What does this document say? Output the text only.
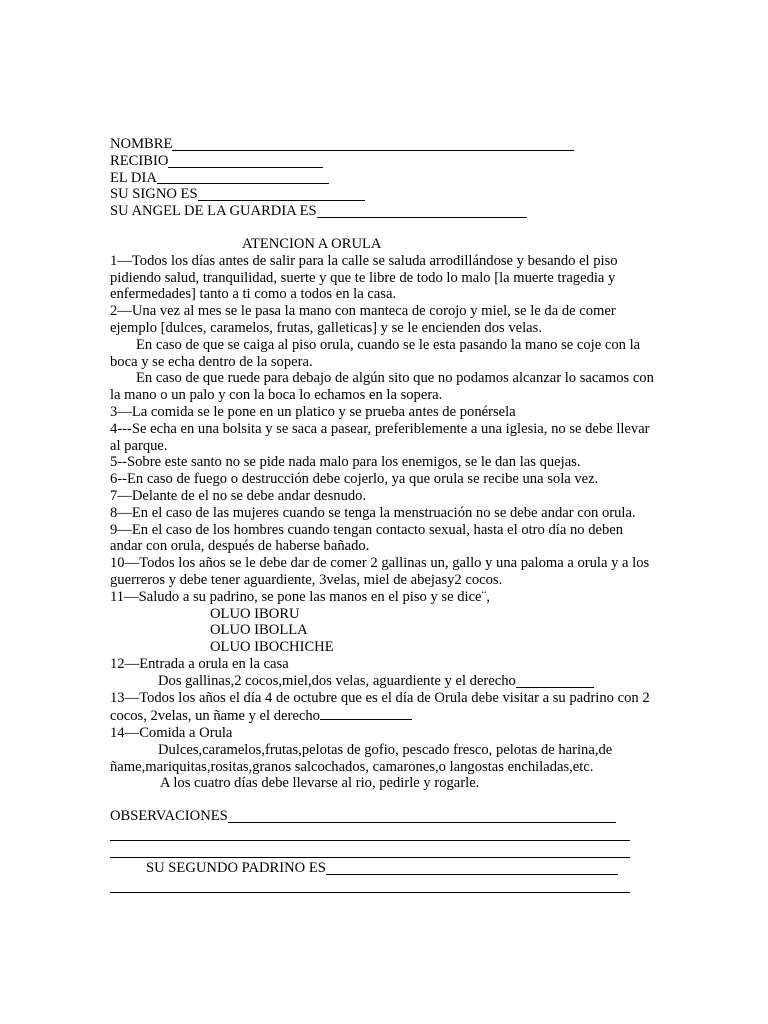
NOMBRE
RECIBIO
EL DIA
SU SIGNO ES
SU ANGEL DE LA GUARDIA ES
ATENCION A ORULA
1—Todos los días antes de salir para la calle se saluda arrodillándose y besando el piso pidiendo salud, tranquilidad, suerte y que te libre de todo lo malo [la muerte tragedia y enfermedades] tanto a ti como a todos en la casa.
2—Una vez al mes se le pasa la mano con manteca de corojo y miel, se le da de comer ejemplo [dulces, caramelos, frutas, galleticas] y se le encienden dos velas.
En caso de que se caiga al piso orula, cuando se le esta pasando la mano se coje con la boca y se echa dentro de la sopera.
En caso de que ruede para debajo de algún sito que no podamos alcanzar lo sacamos con la mano o un palo y con la boca lo echamos en la sopera.
3—La comida se le pone en un platico y se prueba antes de ponérsela
4---Se echa en una bolsita y se saca a pasear, preferiblemente a una iglesia, no se debe llevar al parque.
5--Sobre este santo no se pide nada malo para los enemigos, se le dan las quejas.
6--En caso de fuego o destrucción debe cojerlo, ya que orula se recibe una sola vez.
7—Delante de el no se debe andar desnudo.
8—En el caso de las mujeres cuando se tenga la menstruación no se debe andar con orula.
9—En el caso de los hombres cuando tengan contacto sexual, hasta el otro día no deben andar con orula, después de haberse bañado.
10—Todos los años se le debe dar de comer 2 gallinas un, gallo y una paloma a orula y a los guerreros y debe tener aguardiente, 3velas, miel de abejasy2 cocos.
11—Saludo a su padrino, se pone las manos en el piso y se dice¨,
OLUO IBORU
OLUO IBOLLA
OLUO IBOCHICHE
12—Entrada a orula en la casa
Dos gallinas,2 cocos,miel,dos velas, aguardiente y el derecho
13—Todos los años el día 4 de octubre que es el día de Orula debe visitar a su padrino con 2 cocos, 2velas, un ñame y el derecho
14—Comida a Orula
Dulces,caramelos,frutas,pelotas de gofio, pescado fresco, pelotas de harina,de ñame,mariquitas,rositas,granos salcochados, camarones,o langostas enchiladas,etc.
A los cuatro días debe llevarse al rio, pedirle y rogarle.
OBSERVACIONES
SU SEGUNDO PADRINO ES
